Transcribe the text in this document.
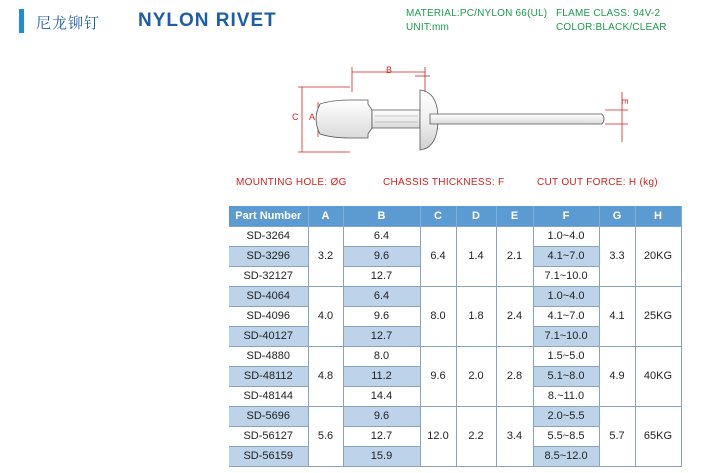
尼龙铆钉 NYLON RIVET	MATERIAL:PC/NYLON 66(UL)
UNIT:mm
FLAME CLASS: 94V-2
COLOR:BLACK/CLEAR
B
C A
E
MOUNTING HOLE: ØG	CHASSIS THICKNESS: F	CUT OUT FORCE: H (kg)
Part Number	A	B	C	D	E	F	G	H
SD-3264	3.2	6.4	6.4	1.4	2.1	1.0~4.0	3.3	20KG
SD-3296		9.6				4.1~7.0		
SD-32127		12.7				7.1~10.0		
SD-4064	4.0	6.4	8.0	1.8	2.4	1.0~4.0	4.1	25KG
SD-4096		9.6				4.1~7.0		
SD-40127		12.7				7.1~10.0		
SD-4880	4.8	8.0	9.6	2.0	2.8	1.5~5.0	4.9	40KG
SD-48112		11.2				5.1~8.0		
SD-48144		14.4				8.~11.0		
SD-5696	5.6	9.6	12.0	2.2	3.4	2.0~5.5	5.7	65KG
SD-56127		12.7				5.5~8.5		
SD-56159		15.9				8.5~12.0		
